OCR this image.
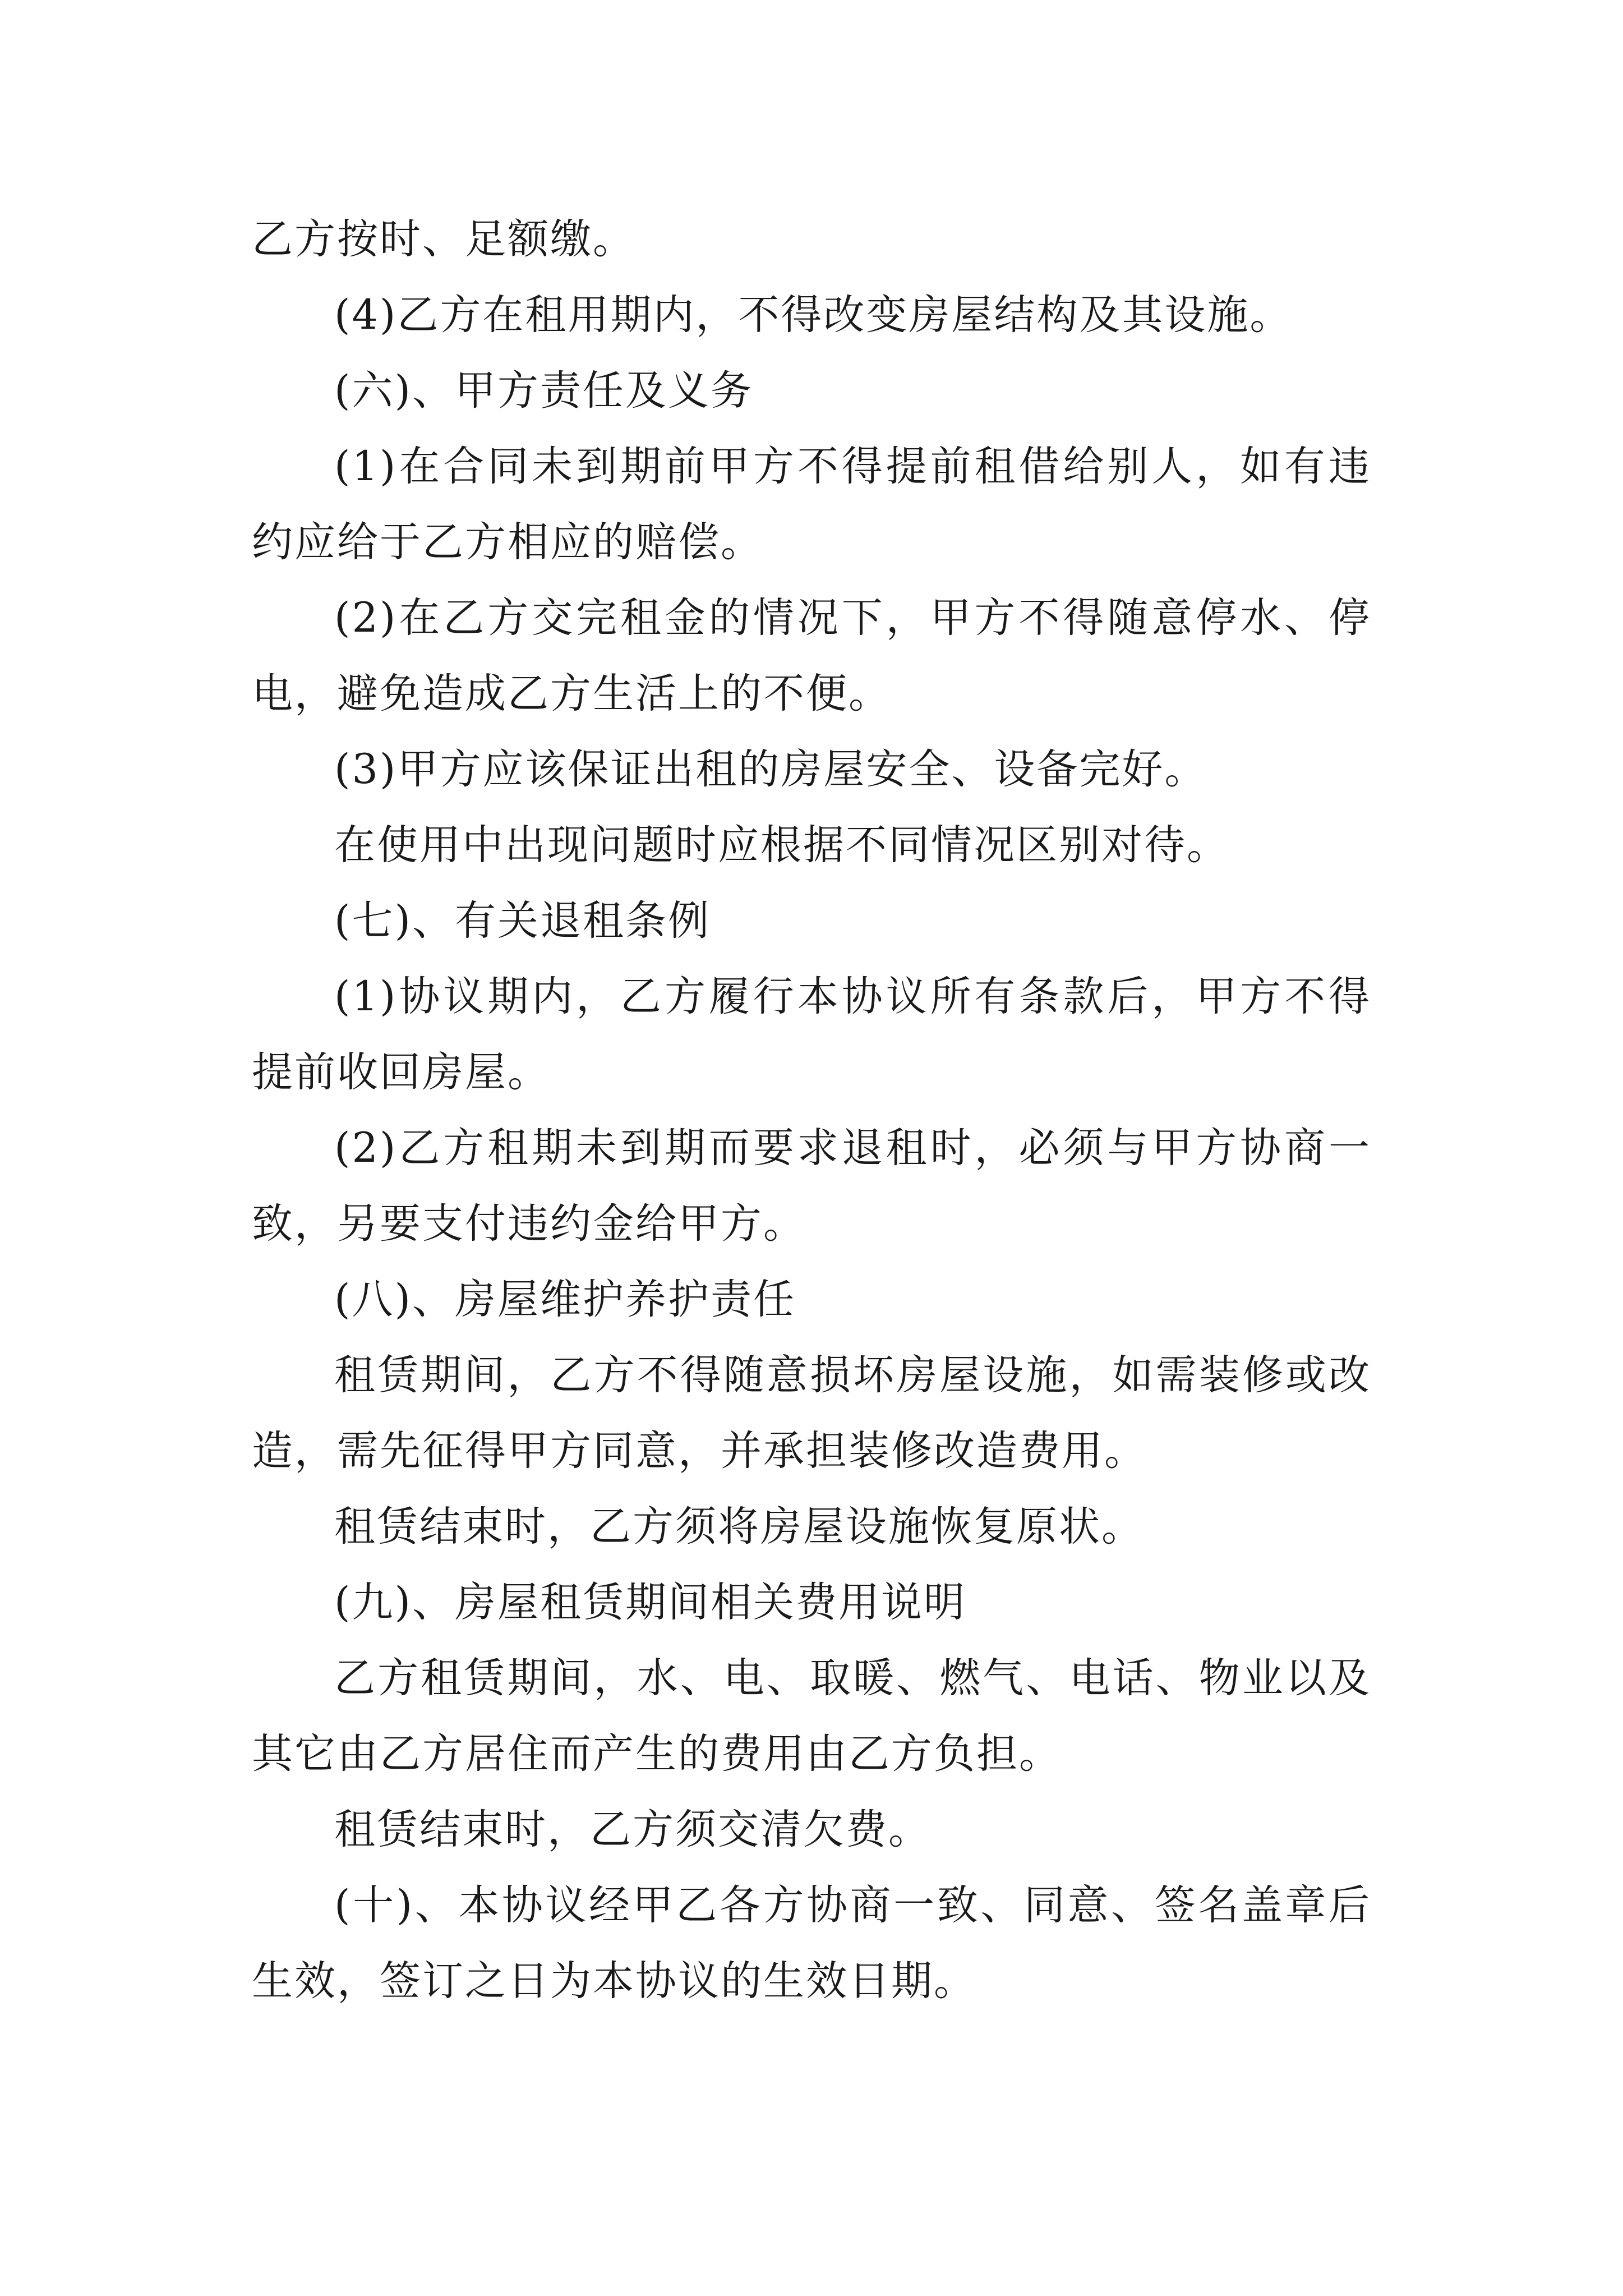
乙方按时、足额缴。

(4)乙方在租用期内，不得改变房屋结构及其设施。

(六)、甲方责任及义务

(1)在合同未到期前甲方不得提前租借给别人，如有违

约应给于乙方相应的赔偿。

(2)在乙方交完租金的情况下，甲方不得随意停水、停

电，避免造成乙方生活上的不便。

(3)甲方应该保证出租的房屋安全、设备完好。

在使用中出现问题时应根据不同情况区别对待。

(七)、有关退租条例

(1)协议期内，乙方履行本协议所有条款后，甲方不得

提前收回房屋。

(2)乙方租期未到期而要求退租时，必须与甲方协商一

致，另要支付违约金给甲方。

(八)、房屋维护养护责任

租赁期间，乙方不得随意损坏房屋设施，如需装修或改

造，需先征得甲方同意，并承担装修改造费用。

租赁结束时，乙方须将房屋设施恢复原状。

(九)、房屋租赁期间相关费用说明

乙方租赁期间，水、电、取暖、燃气、电话、物业以及

其它由乙方居住而产生的费用由乙方负担。

租赁结束时，乙方须交清欠费。

(十)、本协议经甲乙各方协商一致、同意、签名盖章后

生效，签订之日为本协议的生效日期。
